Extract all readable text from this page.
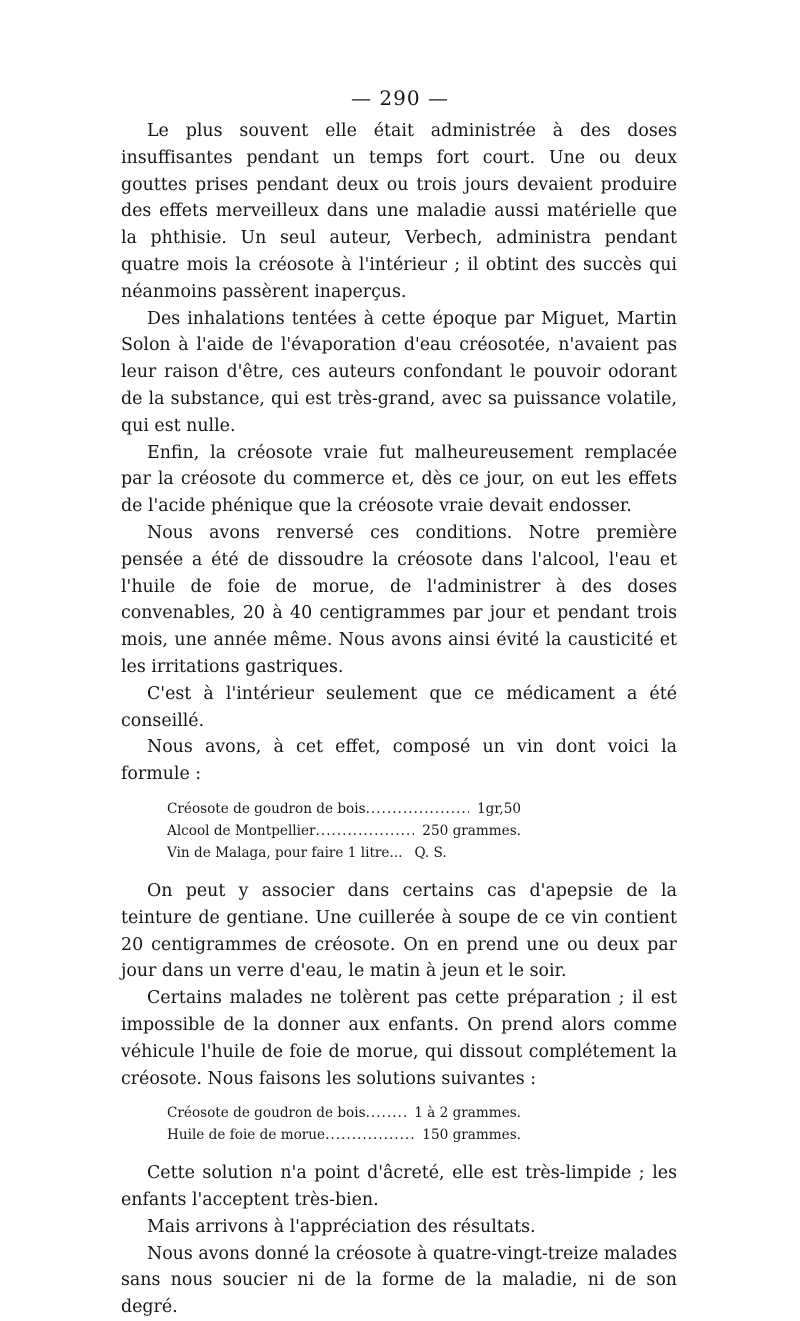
— 290 —

Le plus souvent elle était administrée à des doses insuffisantes pendant un temps fort court. Une ou deux gouttes prises pendant deux ou trois jours devaient produire des effets merveilleux dans une maladie aussi matérielle que la phthisie. Un seul auteur, Verbech, administra pendant quatre mois la créosote à l'intérieur ; il obtint des succès qui néanmoins passèrent inaperçus.

Des inhalations tentées à cette époque par Miguet, Martin Solon à l'aide de l'évaporation d'eau créosotée, n'avaient pas leur raison d'être, ces auteurs confondant le pouvoir odorant de la substance, qui est très-grand, avec sa puissance volatile, qui est nulle.

Enfin, la créosote vraie fut malheureusement remplacée par la créosote du commerce et, dès ce jour, on eut les effets de l'acide phénique que la créosote vraie devait endosser.

Nous avons renversé ces conditions. Notre première pensée a été de dissoudre la créosote dans l'alcool, l'eau et l'huile de foie de morue, de l'administrer à des doses convenables, 20 à 40 centigrammes par jour et pendant trois mois, une année même. Nous avons ainsi évité la causticité et les irritations gastriques.

C'est à l'intérieur seulement que ce médicament a été conseillé.

Nous avons, à cet effet, composé un vin dont voici la formule :

Créosote de goudron de bois .....	1gr,50
Alcool de Montpellier .....	250 grammes.
Vin de Malaga, pour faire 1 litre... Q. S.

On peut y associer dans certains cas d'apepsie de la teinture de gentiane. Une cuillerée à soupe de ce vin contient 20 centigrammes de créosote. On en prend une ou deux par jour dans un verre d'eau, le matin à jeun et le soir.

Certains malades ne tolèrent pas cette préparation ; il est impossible de la donner aux enfants. On prend alors comme véhicule l'huile de foie de morue, qui dissout complétement la créosote. Nous faisons les solutions suivantes :

Créosote de goudron de bois .....	1 à 2 grammes.
Huile de foie de morue .....	150 grammes.

Cette solution n'a point d'âcreté, elle est très-limpide ; les enfants l'acceptent très-bien.

Mais arrivons à l'appréciation des résultats.

Nous avons donné la créosote à quatre-vingt-treize malades sans nous soucier ni de la forme de la maladie, ni de son degré.
